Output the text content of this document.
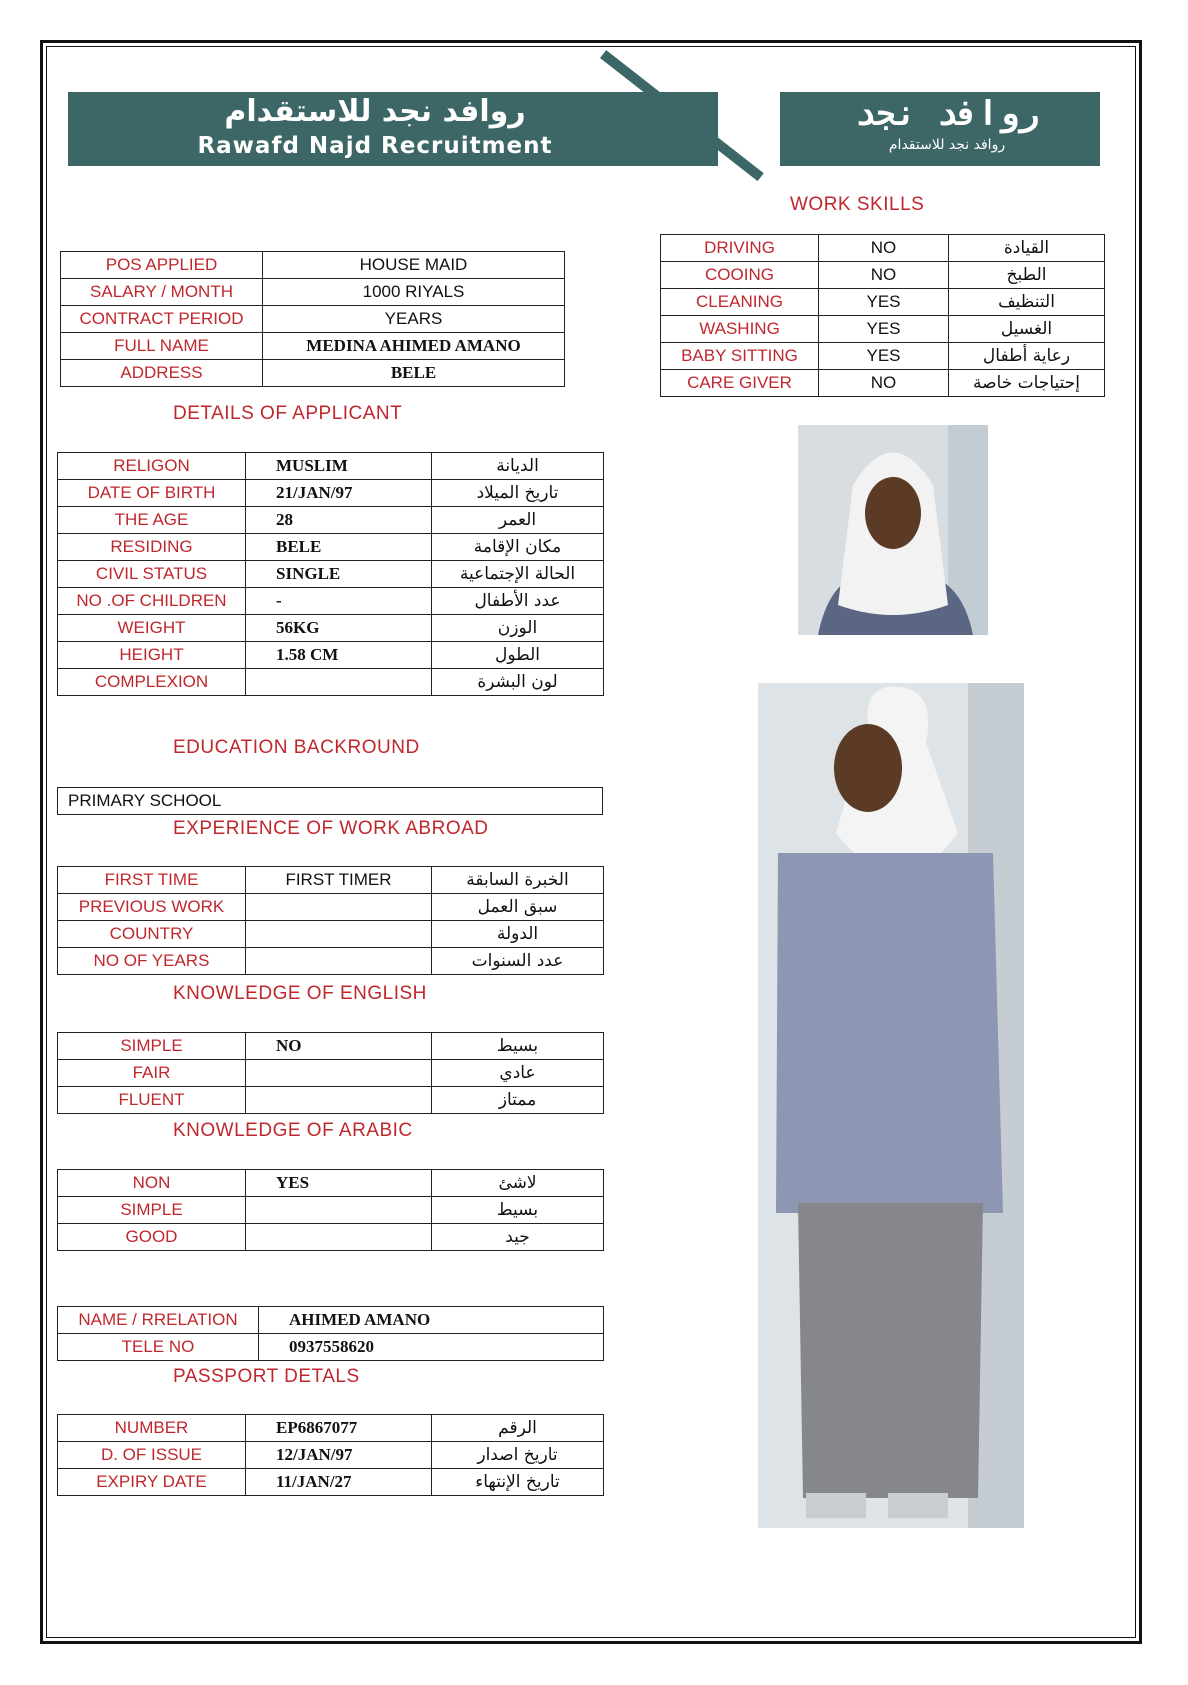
روافد نجد للاستقدام
Rawafd Najd Recruitment
روافد نجد
روافد نجد للاستقدام
WORK SKILLS
DRIVING	NO	القيادة
COOING	NO	الطبخ
CLEANING	YES	التنظيف
WASHING	YES	الغسيل
BABY SITTING	YES	رعاية أطفال
CARE GIVER	NO	إحتياجات خاصة
POS APPLIED	HOUSE MAID
SALARY / MONTH	1000 RIYALS
CONTRACT PERIOD	YEARS
FULL NAME	MEDINA AHIMED AMANO
ADDRESS	BELE
DETAILS OF APPLICANT
RELIGON	MUSLIM	الديانة
DATE OF BIRTH	21/JAN/97	تاريخ الميلاد
THE AGE	28	العمر
RESIDING	BELE	مكان الإقامة
CIVIL STATUS	SINGLE	الحالة الإجتماعية
NO .OF CHILDREN	-	عدد الأطفال
WEIGHT	56KG	الوزن
HEIGHT	1.58 CM	الطول
COMPLEXION		لون البشرة
EDUCATION BACKROUND
PRIMARY SCHOOL
EXPERIENCE OF WORK ABROAD
FIRST TIME	FIRST TIMER	الخبرة السابقة
PREVIOUS WORK		سبق العمل
COUNTRY		الدولة
NO OF YEARS		عدد السنوات
KNOWLEDGE OF ENGLISH
SIMPLE	NO	بسيط
FAIR		عادي
FLUENT		ممتاز
KNOWLEDGE OF ARABIC
NON	YES	لاشئ
SIMPLE		بسيط
GOOD		جيد
NAME / RRELATION	AHIMED AMANO
TELE NO	0937558620
PASSPORT DETALS
NUMBER	EP6867077	الرقم
D. OF ISSUE	12/JAN/97	تاريخ اصدار
EXPIRY DATE	11/JAN/27	تاريخ الإنتهاء
